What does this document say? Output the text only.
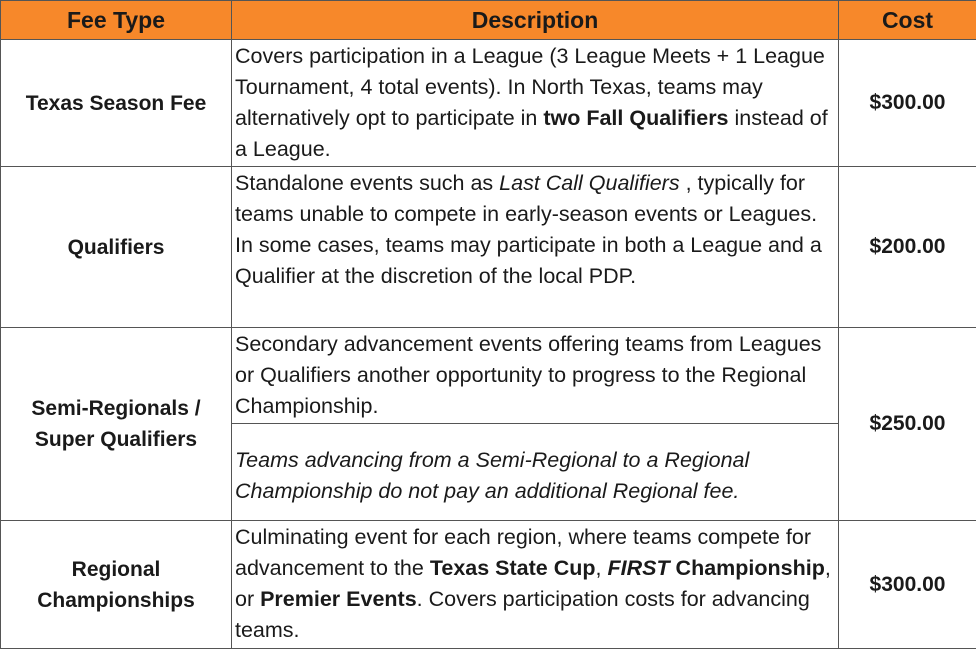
Fee Type	Description	Cost
Texas Season Fee	Covers participation in a League (3 League Meets + 1 League Tournament, 4 total events). In North Texas, teams may alternatively opt to participate in two Fall Qualifiers instead of a League.	$300.00
Qualifiers	Standalone events such as Last Call Qualifiers , typically for teams unable to compete in early-season events or Leagues. In some cases, teams may participate in both a League and a Qualifier at the discretion of the local PDP.	$200.00
Semi-Regionals /
Super Qualifiers	Secondary advancement events offering teams from Leagues or Qualifiers another opportunity to progress to the Regional Championship.	$250.00
	Teams advancing from a Semi-Regional to a Regional Championship do not pay an additional Regional fee.	
Regional
Championships	Culminating event for each region, where teams compete for advancement to the Texas State Cup, FIRST Championship, or Premier Events. Covers participation costs for advancing teams.	$300.00
